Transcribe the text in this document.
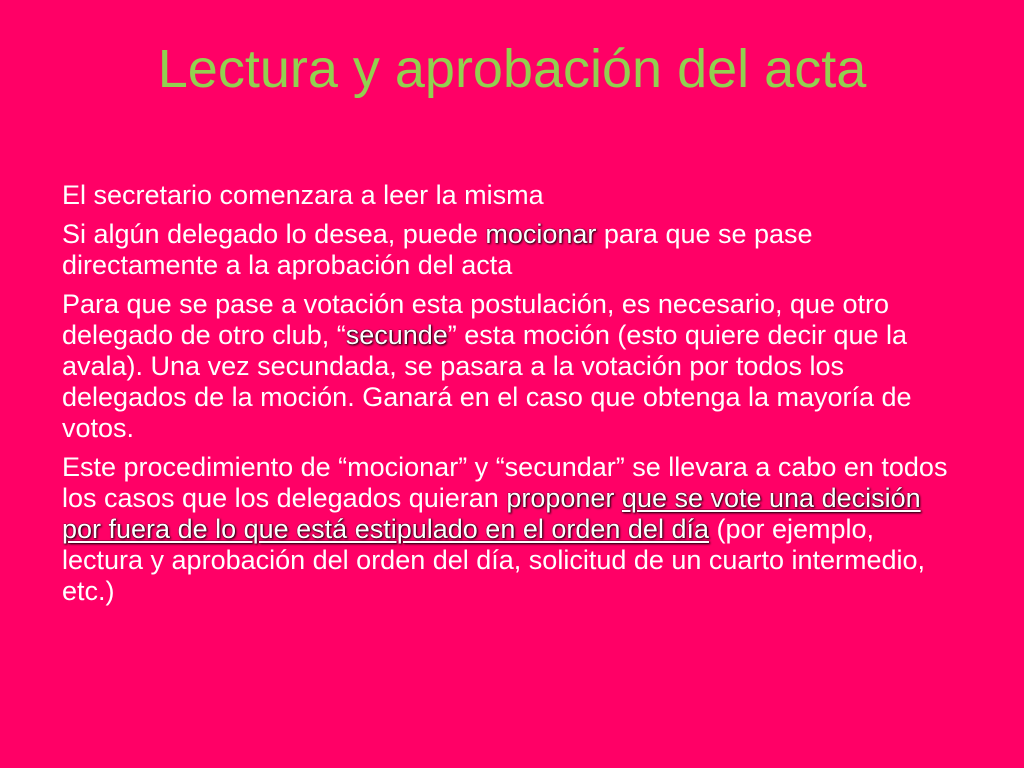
Lectura y aprobación del acta

El secretario comenzara a leer la misma

Si algún delegado lo desea, puede mocionar para que se pase directamente a la aprobación del acta

Para que se pase a votación esta postulación, es necesario, que otro delegado de otro club, “secunde” esta moción (esto quiere decir que la avala). Una vez secundada, se pasara a la votación por todos los delegados de la moción. Ganará en el caso que obtenga la mayoría de votos.

Este procedimiento de “mocionar” y “secundar” se llevara a cabo en todos los casos que los delegados quieran proponer que se vote una decisión por fuera de lo que está estipulado en el orden del día (por ejemplo, lectura y aprobación del orden del día, solicitud de un cuarto intermedio, etc.)
